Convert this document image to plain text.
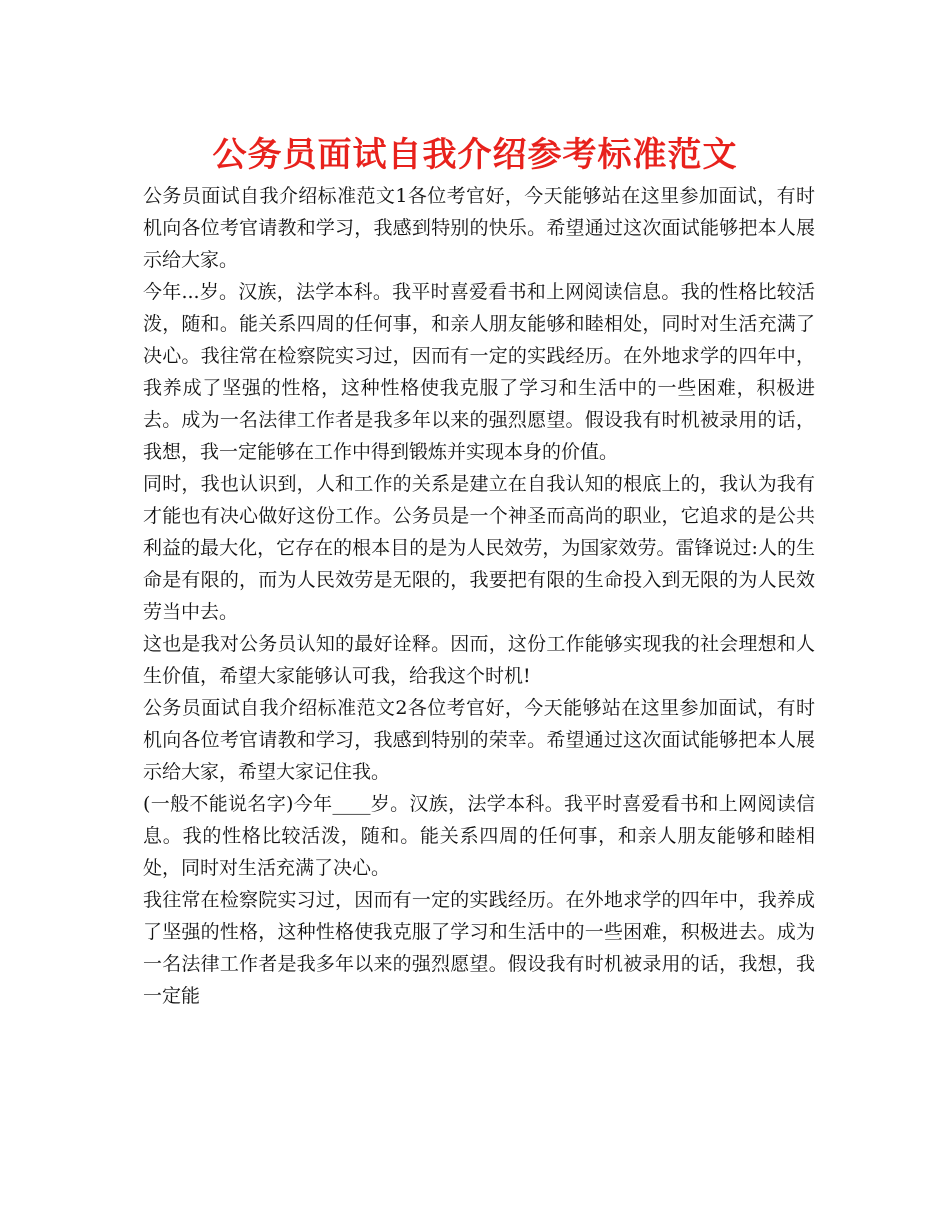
公务员面试自我介绍参考标准范文

公务员面试自我介绍标准范文1各位考官好，今天能够站在这里参加面试，有时机向各位考官请教和学习，我感到特别的快乐。希望通过这次面试能够把本人展示给大家。

今年...岁。汉族，法学本科。我平时喜爱看书和上网阅读信息。我的性格比较活泼，随和。能关系四周的任何事，和亲人朋友能够和睦相处，同时对生活充满了决心。我往常在检察院实习过，因而有一定的实践经历。在外地求学的四年中，我养成了坚强的性格，这种性格使我克服了学习和生活中的一些困难，积极进去。成为一名法律工作者是我多年以来的强烈愿望。假设我有时机被录用的话，我想，我一定能够在工作中得到锻炼并实现本身的价值。

同时，我也认识到，人和工作的关系是建立在自我认知的根底上的，我认为我有才能也有决心做好这份工作。公务员是一个神圣而高尚的职业，它追求的是公共利益的最大化，它存在的根本目的是为人民效劳，为国家效劳。雷锋说过:人的生命是有限的，而为人民效劳是无限的，我要把有限的生命投入到无限的为人民效劳当中去。

这也是我对公务员认知的最好诠释。因而，这份工作能够实现我的社会理想和人生价值，希望大家能够认可我，给我这个时机!

公务员面试自我介绍标准范文2各位考官好，今天能够站在这里参加面试，有时机向各位考官请教和学习，我感到特别的荣幸。希望通过这次面试能够把本人展示给大家，希望大家记住我。

(一般不能说名字)今年____岁。汉族，法学本科。我平时喜爱看书和上网阅读信息。我的性格比较活泼，随和。能关系四周的任何事，和亲人朋友能够和睦相处，同时对生活充满了决心。

我往常在检察院实习过，因而有一定的实践经历。在外地求学的四年中，我养成了坚强的性格，这种性格使我克服了学习和生活中的一些困难，积极进去。成为一名法律工作者是我多年以来的强烈愿望。假设我有时机被录用的话，我想，我一定能
